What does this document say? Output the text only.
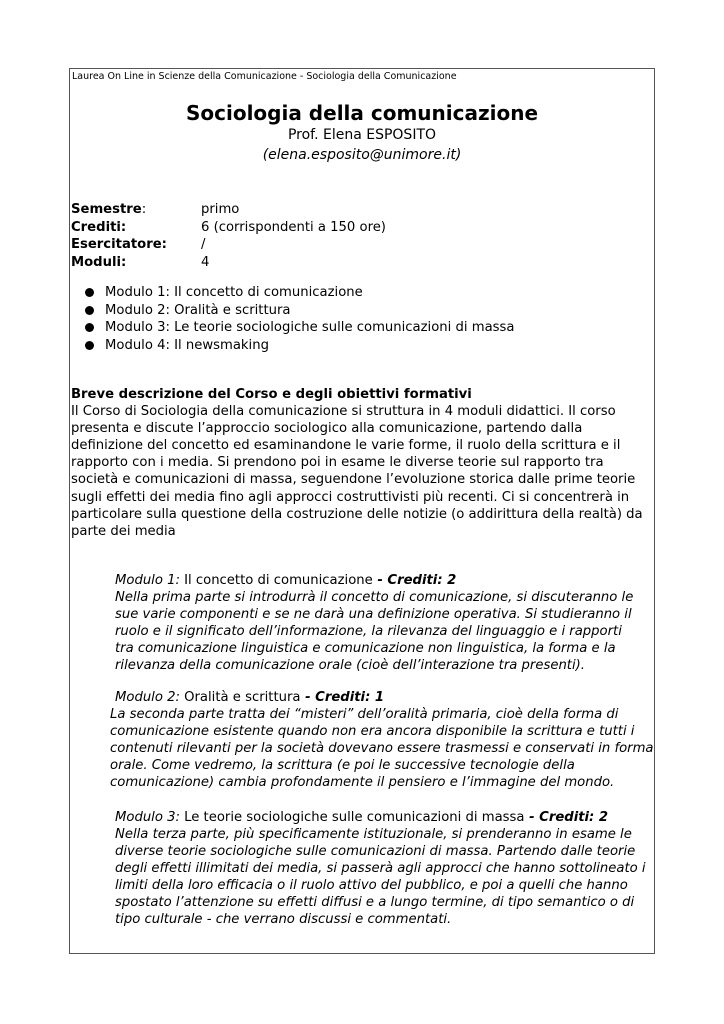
Laurea On Line in Scienze della Comunicazione - Sociologia della Comunicazione
Sociologia della comunicazione
Prof. Elena ESPOSITO
(elena.esposito@unimore.it)
Semestre:	primo
Crediti:	6 (corrispondenti a 150 ore)
Esercitatore:	/
Moduli:	4
Modulo 1: Il concetto di comunicazione
Modulo 2: Oralità e scrittura
Modulo 3: Le teorie sociologiche sulle comunicazioni di massa
Modulo 4: Il newsmaking
Breve descrizione del Corso e degli obiettivi formativi

Il Corso di Sociologia della comunicazione si struttura in 4 moduli didattici. Il corso presenta e discute l’approccio sociologico alla comunicazione, partendo dalla definizione del concetto ed esaminandone le varie forme, il ruolo della scrittura e il rapporto con i media. Si prendono poi in esame le diverse teorie sul rapporto tra società e comunicazioni di massa, seguendone l’evoluzione storica dalle prime teorie sugli effetti dei media fino agli approcci costruttivisti più recenti. Ci si concentrerà in particolare sulla questione della costruzione delle notizie (o addirittura della realtà) da parte dei media

Modulo 1: Il concetto di comunicazione - Crediti: 2

Nella prima parte si introdurrà il concetto di comunicazione, si discuteranno le sue varie componenti e se ne darà una definizione operativa. Si studieranno il ruolo e il significato dell’informazione, la rilevanza del linguaggio e i rapporti tra comunicazione linguistica e comunicazione non linguistica, la forma e la rilevanza della comunicazione orale (cioè dell’interazione tra presenti).

Modulo 2: Oralità e scrittura - Crediti: 1

La seconda parte tratta dei “misteri” dell’oralità primaria, cioè della forma di comunicazione esistente quando non era ancora disponibile la scrittura e tutti i contenuti rilevanti per la società dovevano essere trasmessi e conservati in forma orale. Come vedremo, la scrittura (e poi le successive tecnologie della comunicazione) cambia profondamente il pensiero e l’immagine del mondo.

Modulo 3: Le teorie sociologiche sulle comunicazioni di massa - Crediti: 2

Nella terza parte, più specificamente istituzionale, si prenderanno in esame le diverse teorie sociologiche sulle comunicazioni di massa. Partendo dalle teorie degli effetti illimitati dei media, si passerà agli approcci che hanno sottolineato i limiti della loro efficacia o il ruolo attivo del pubblico, e poi a quelli che hanno spostato l’attenzione su effetti diffusi e a lungo termine, di tipo semantico o di tipo culturale - che verrano discussi e commentati.
